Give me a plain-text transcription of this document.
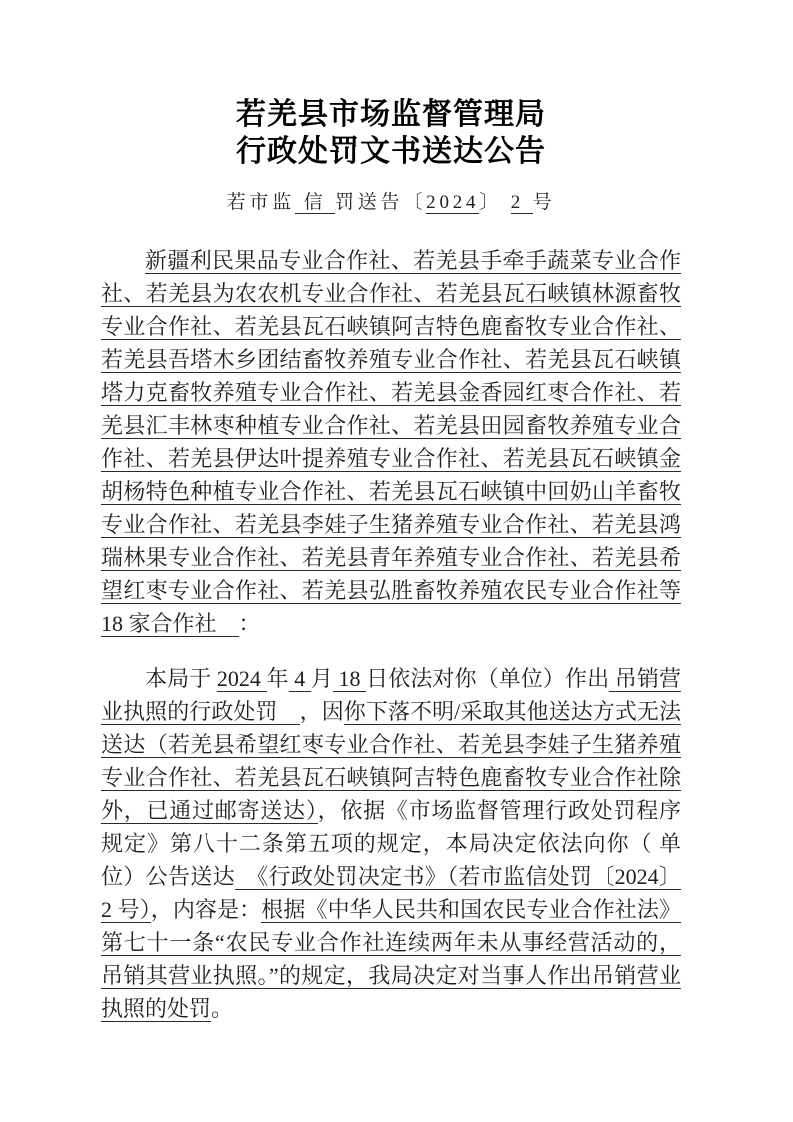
若羌县市场监督管理局
行政处罚文书送达公告
若市监 信 罚送告〔2024〕 2 号

新疆利民果品专业合作社、若羌县手牵手蔬菜专业合作社、若羌县为农农机专业合作社、若羌县瓦石峡镇林源畜牧专业合作社、若羌县瓦石峡镇阿吉特色鹿畜牧专业合作社、若羌县吾塔木乡团结畜牧养殖专业合作社、若羌县瓦石峡镇塔力克畜牧养殖专业合作社、若羌县金香园红枣合作社、若羌县汇丰林枣种植专业合作社、若羌县田园畜牧养殖专业合作社、若羌县伊达叶提养殖专业合作社、若羌县瓦石峡镇金胡杨特色种植专业合作社、若羌县瓦石峡镇中回奶山羊畜牧专业合作社、若羌县李娃子生猪养殖专业合作社、若羌县鸿瑞林果专业合作社、若羌县青年养殖专业合作社、若羌县希望红枣专业合作社、若羌县弘胜畜牧养殖农民专业合作社等18 家合作社　：

本局于 2024 年 4 月 18 日依法对你（单位）作出 吊销营业执照的行政处罚　，因你下落不明/采取其他送达方式无法送达（若羌县希望红枣专业合作社、若羌县李娃子生猪养殖专业合作社、若羌县瓦石峡镇阿吉特色鹿畜牧专业合作社除外，已通过邮寄送达），依据《市场监督管理行政处罚程序规定》第八十二条第五项的规定，本局决定依法向你（ 单位）公告送达　《行政处罚决定书》（若市监信处罚〔2024〕2 号），内容是：根据《中华人民共和国农民专业合作社法》第七十一条“农民专业合作社连续两年未从事经营活动的，吊销其营业执照。”的规定，我局决定对当事人作出吊销营业执照的处罚。
